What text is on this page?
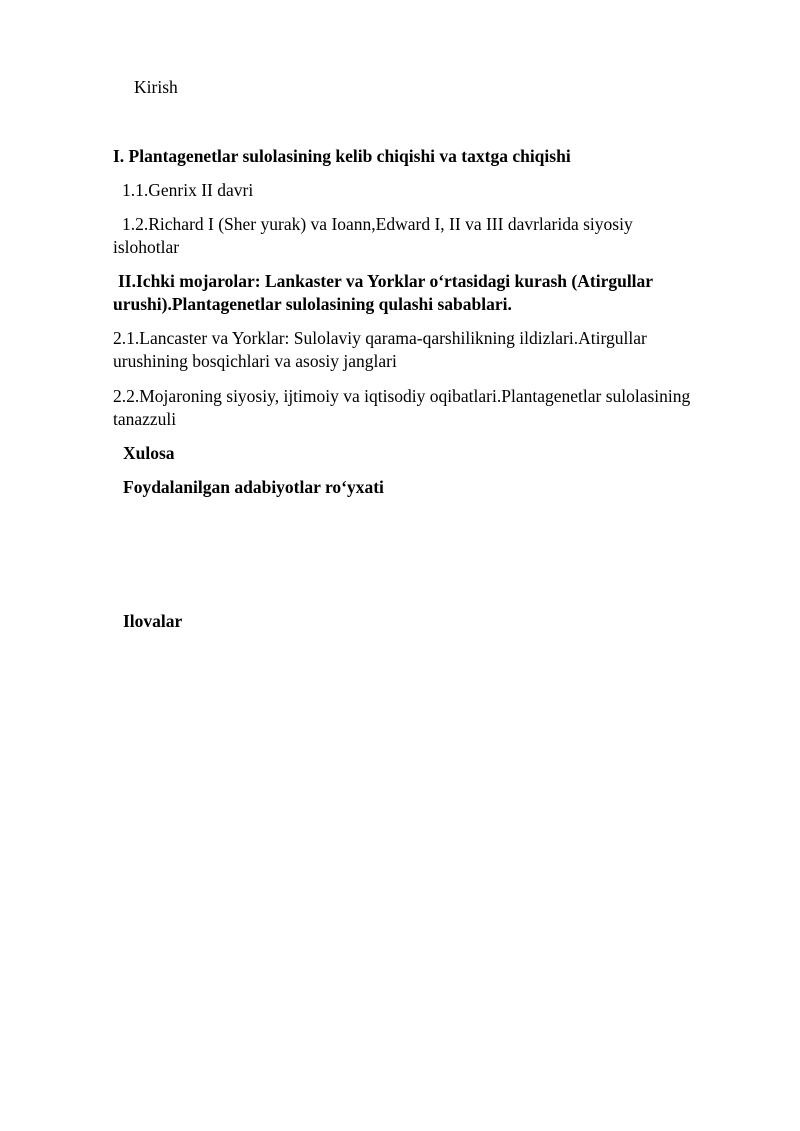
Kirish
I. Plantagenetlar sulolasining kelib chiqishi va taxtga chiqishi
1.1.Genrix II davri
1.2.Richard I (Sher yurak) va Ioann,Edward I, II va III davrlarida siyosiy
islohotlar
II.Ichki mojarolar: Lankaster va Yorklar o‘rtasidagi kurash (Atirgullar
urushi).Plantagenetlar sulolasining qulashi sabablari.
2.1.Lancaster va Yorklar: Sulolaviy qarama-qarshilikning ildizlari.Atirgullar
urushining bosqichlari va asosiy janglari
2.2.Mojaroning siyosiy, ijtimoiy va iqtisodiy oqibatlari.Plantagenetlar sulolasining
tanazzuli
Xulosa
Foydalanilgan adabiyotlar ro‘yxati
Ilovalar
